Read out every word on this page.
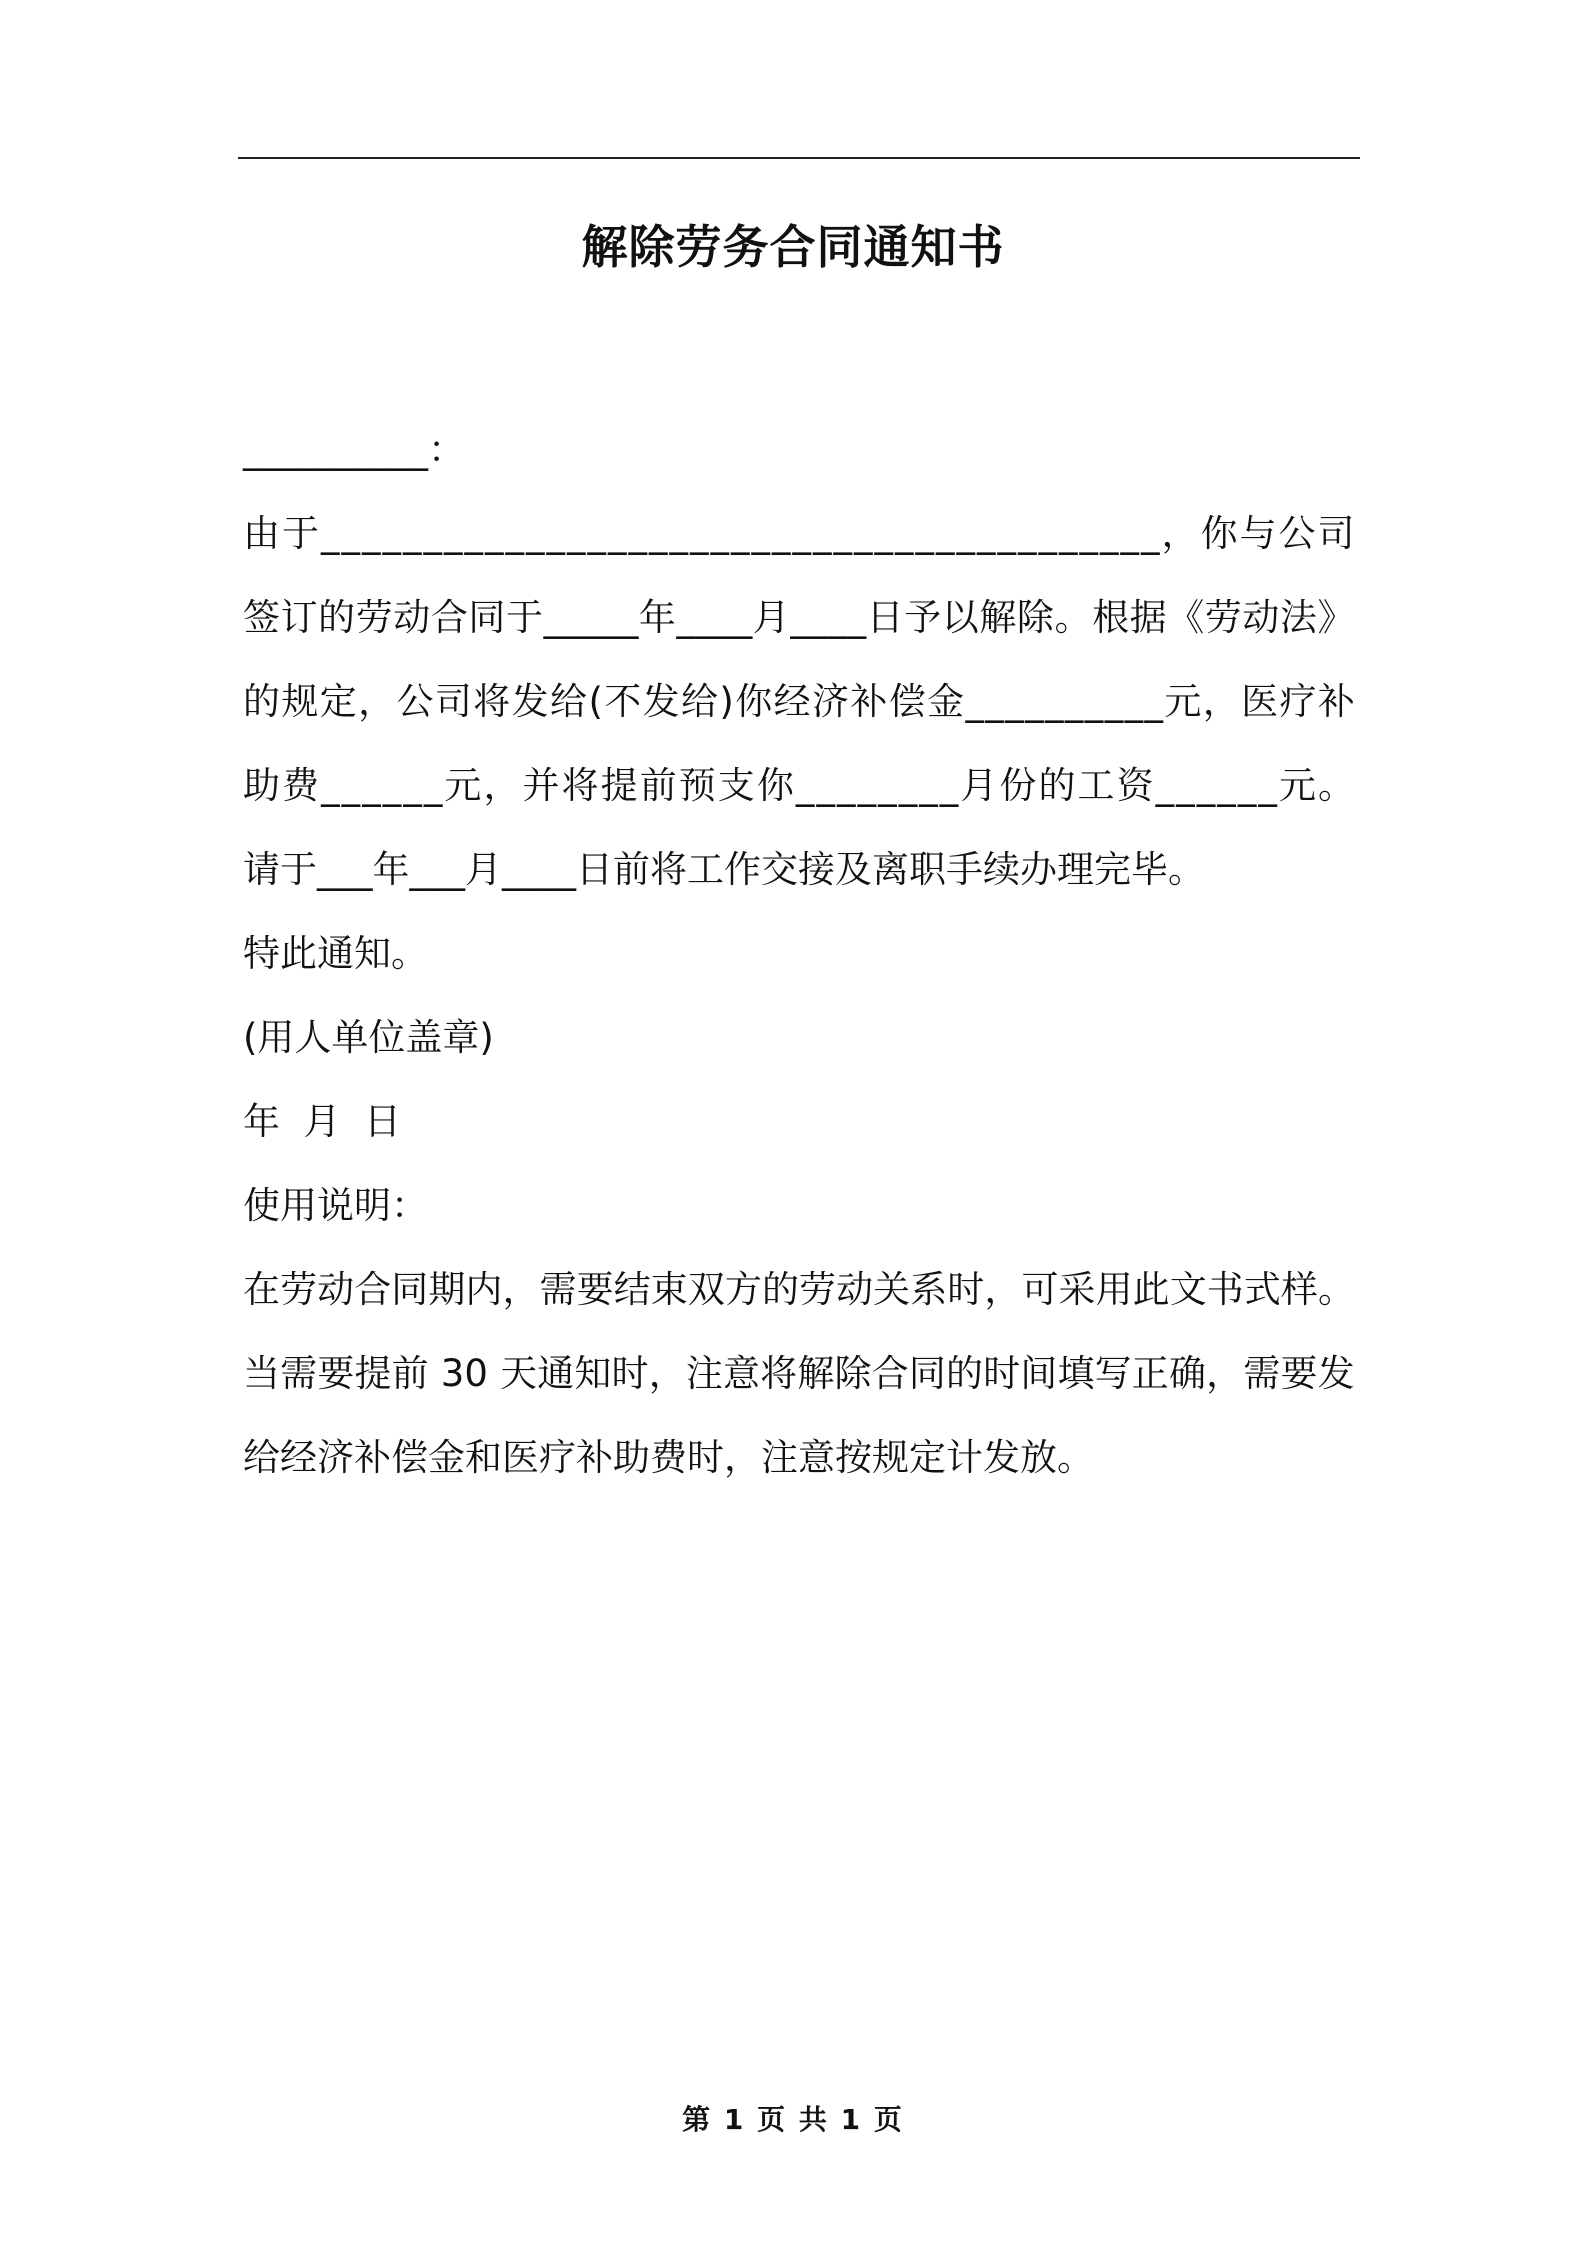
解除劳务合同通知书
__________：
由于_________________________________________，你与公司
签订的劳动合同于_____年____月____日予以解除。根据《劳动法》
的规定，公司将发给(不发给)你经济补偿金__________元，医疗补
助费______元，并将提前预支你________月份的工资______元。
请于___年___月____日前将工作交接及离职手续办理完毕。
特此通知。
(用人单位盖章)
年  月  日
使用说明：
在劳动合同期内，需要结束双方的劳动关系时，可采用此文书式样。
当需要提前 30 天通知时，注意将解除合同的时间填写正确，需要发
给经济补偿金和医疗补助费时，注意按规定计发放。
第 1 页 共 1 页
